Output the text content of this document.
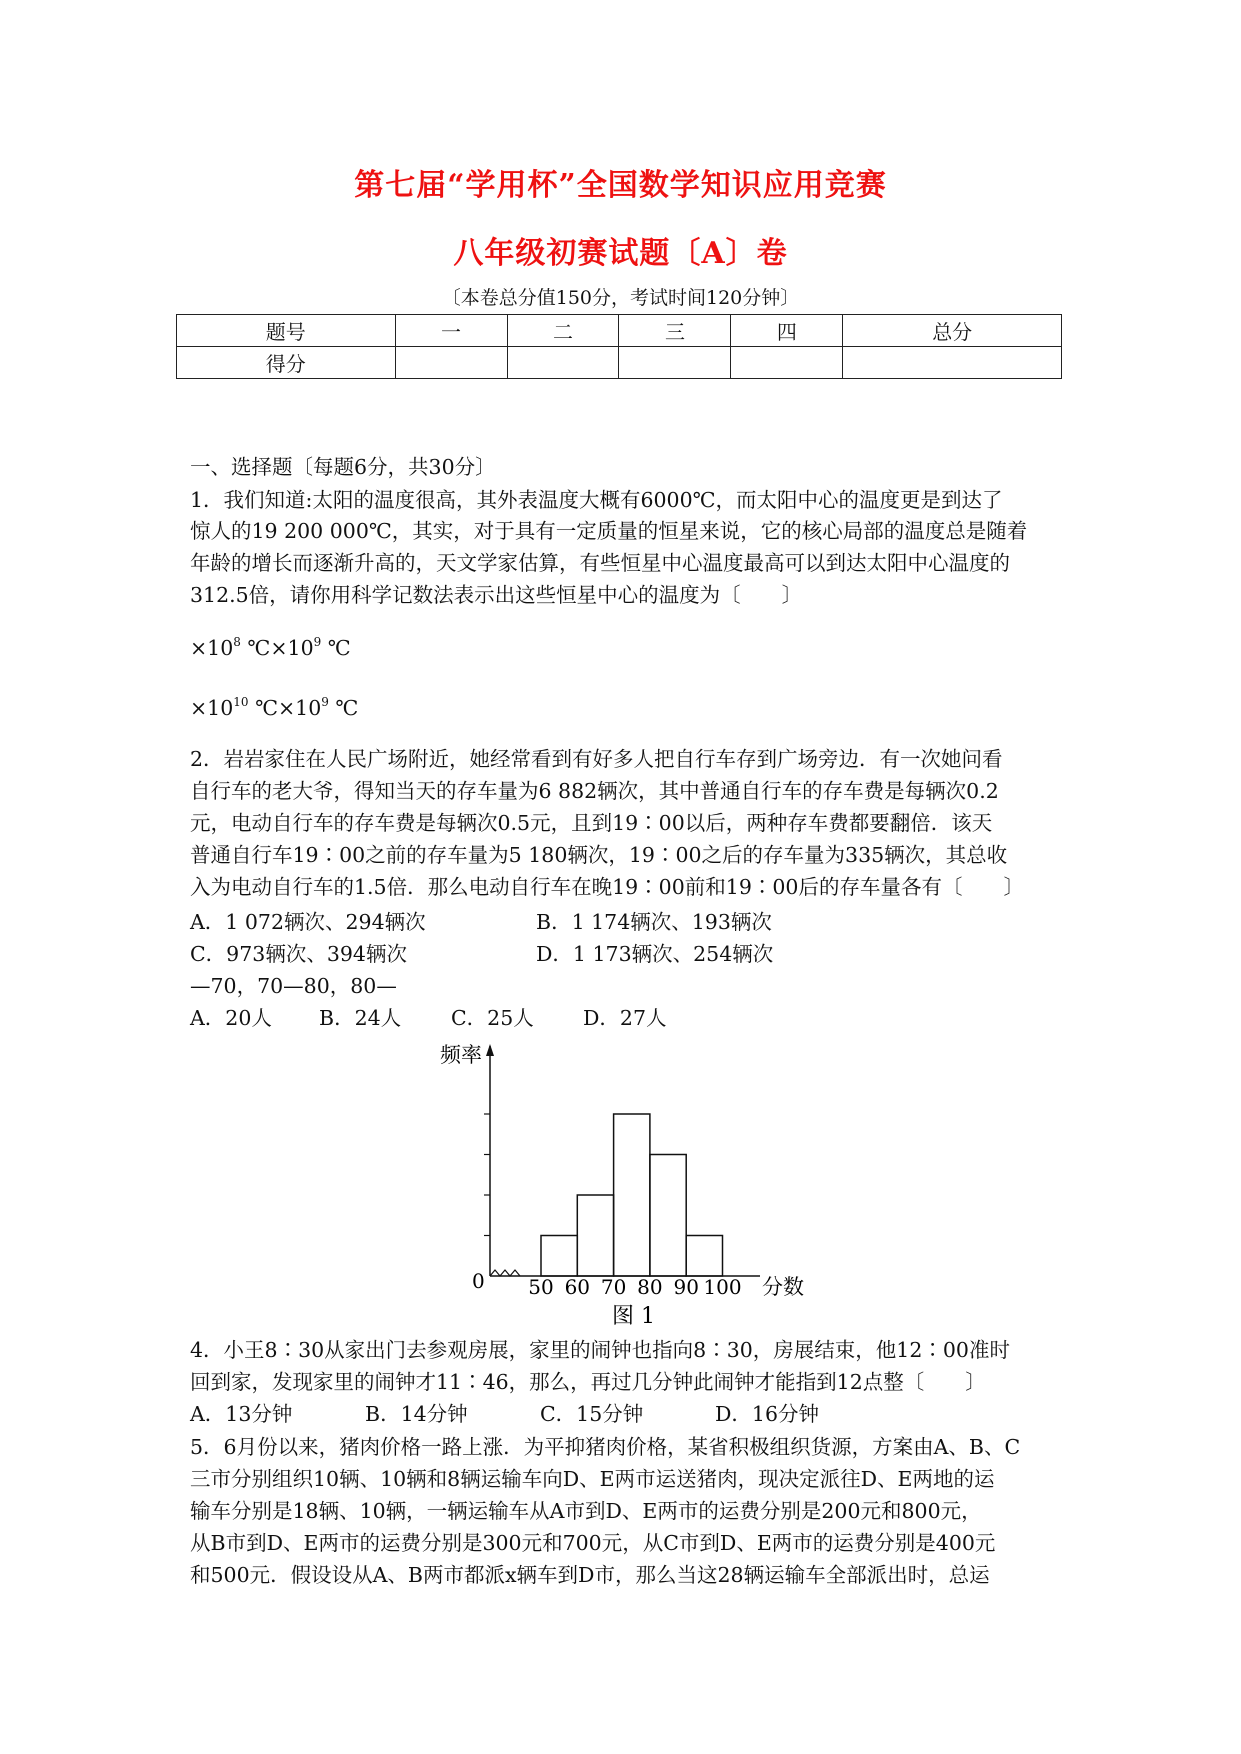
第七届“学用杯”全国数学知识应用竞赛
八年级初赛试题〔A〕卷
〔本卷总分值150分，考试时间120分钟〕
题号	一	二	三	四	总分
得分					
一、选择题〔每题6分，共30分〕
1．我们知道:太阳的温度很高，其外表温度大概有6000℃，而太阳中心的温度更是到达了
惊人的19 200 000℃，其实，对于具有一定质量的恒星来说，它的核心局部的温度总是随着
年龄的增长而逐渐升高的，天文学家估算，有些恒星中心温度最高可以到达太阳中心温度的
312.5倍，请你用科学记数法表示出这些恒星中心的温度为〔　　〕
$\times 10^8$ $℃\times 10^9$ ℃
$\times 10^{10}$ $℃\times 10^9$ ℃
2．岩岩家住在人民广场附近，她经常看到有好多人把自行车存到广场旁边．有一次她问看
自行车的老大爷，得知当天的存车量为6 882辆次，其中普通自行车的存车费是每辆次0.2
元，电动自行车的存车费是每辆次0.5元，且到19∶00以后，两种存车费都要翻倍．该天
普通自行车19∶00之前的存车量为5 180辆次，19∶00之后的存车量为335辆次，其总收
入为电动自行车的1.5倍．那么电动自行车在晚19∶00前和19∶00后的存车量各有〔　　〕
A．1 072辆次、294辆次	B．1 174辆次、193辆次
C．973辆次、394辆次	D．1 173辆次、254辆次
—70，70—80，80—
A．20人 B．24人 C．25人 D．27人
频率
0	分数
图 1
50 60 70 80 90 100
4．小王8∶30从家出门去参观房展，家里的闹钟也指向8∶30，房展结束，他12∶00准时
回到家，发现家里的闹钟才11∶46，那么，再过几分钟此闹钟才能指到12点整〔　　〕
A．13分钟	B．14分钟	C．15分钟	D．16分钟
5．6月份以来，猪肉价格一路上涨．为平抑猪肉价格，某省积极组织货源，方案由A、B、C
三市分别组织10辆、10辆和8辆运输车向D、E两市运送猪肉，现决定派往D、E两地的运
输车分别是18辆、10辆，一辆运输车从A市到D、E两市的运费分别是200元和800元，
从B市到D、E两市的运费分别是300元和700元，从C市到D、E两市的运费分别是400元
和500元．假设设从A、B两市都派x辆车到D市，那么当这28辆运输车全部派出时，总运
